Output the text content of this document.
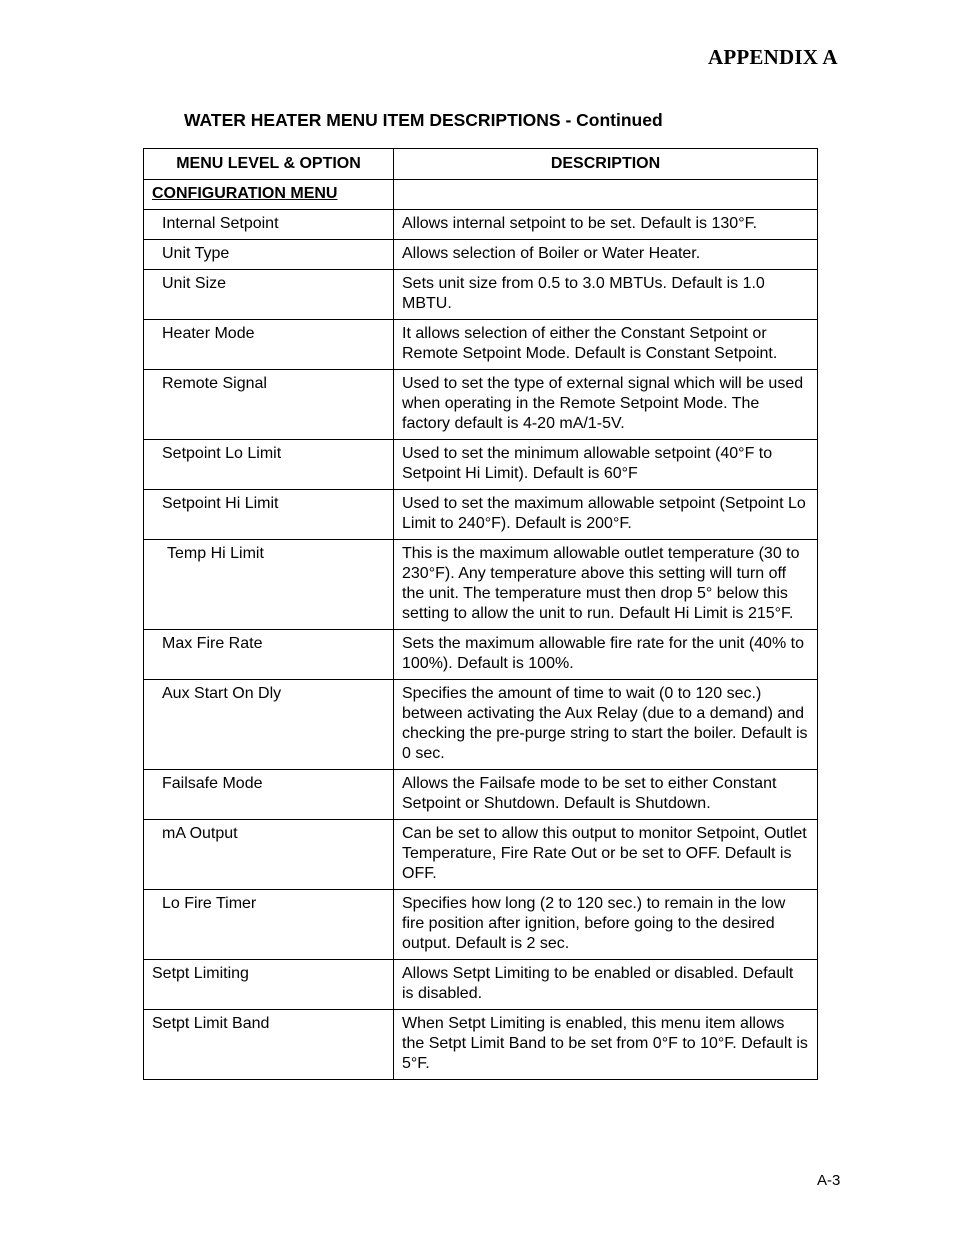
APPENDIX A
WATER HEATER MENU ITEM DESCRIPTIONS - Continued
MENU LEVEL & OPTION	DESCRIPTION
CONFIGURATION MENU	
Internal Setpoint	Allows internal setpoint to be set. Default is 130°F.
Unit Type	Allows selection of Boiler or Water Heater.
Unit Size	Sets unit size from 0.5 to 3.0 MBTUs. Default is 1.0 MBTU.
Heater Mode	It allows selection of either the Constant Setpoint or Remote Setpoint Mode. Default is Constant Setpoint.
Remote Signal	Used to set the type of external signal which will be used when operating in the Remote Setpoint Mode. The factory default is 4-20 mA/1-5V.
Setpoint Lo Limit	Used to set the minimum allowable setpoint (40°F to Setpoint Hi Limit). Default is 60°F
Setpoint Hi Limit	Used to set the maximum allowable setpoint (Setpoint Lo Limit to 240°F). Default is 200°F.
Temp Hi Limit	This is the maximum allowable outlet temperature (30 to 230°F). Any temperature above this setting will turn off the unit. The temperature must then drop 5° below this setting to allow the unit to run. Default Hi Limit is 215°F.
Max Fire Rate	Sets the maximum allowable fire rate for the unit (40% to 100%). Default is 100%.
Aux Start On Dly	Specifies the amount of time to wait (0 to 120 sec.) between activating the Aux Relay (due to a demand) and checking the pre-purge string to start the boiler. Default is 0 sec.
Failsafe Mode	Allows the Failsafe mode to be set to either Constant Setpoint or Shutdown. Default is Shutdown.
mA Output	Can be set to allow this output to monitor Setpoint, Outlet Temperature, Fire Rate Out or be set to OFF. Default is OFF.
Lo Fire Timer	Specifies how long (2 to 120 sec.) to remain in the low fire position after ignition, before going to the desired output. Default is 2 sec.
Setpt Limiting	Allows Setpt Limiting to be enabled or disabled. Default is disabled.
Setpt Limit Band	When Setpt Limiting is enabled, this menu item allows the Setpt Limit Band to be set from 0°F to 10°F. Default is 5°F.
A-3
